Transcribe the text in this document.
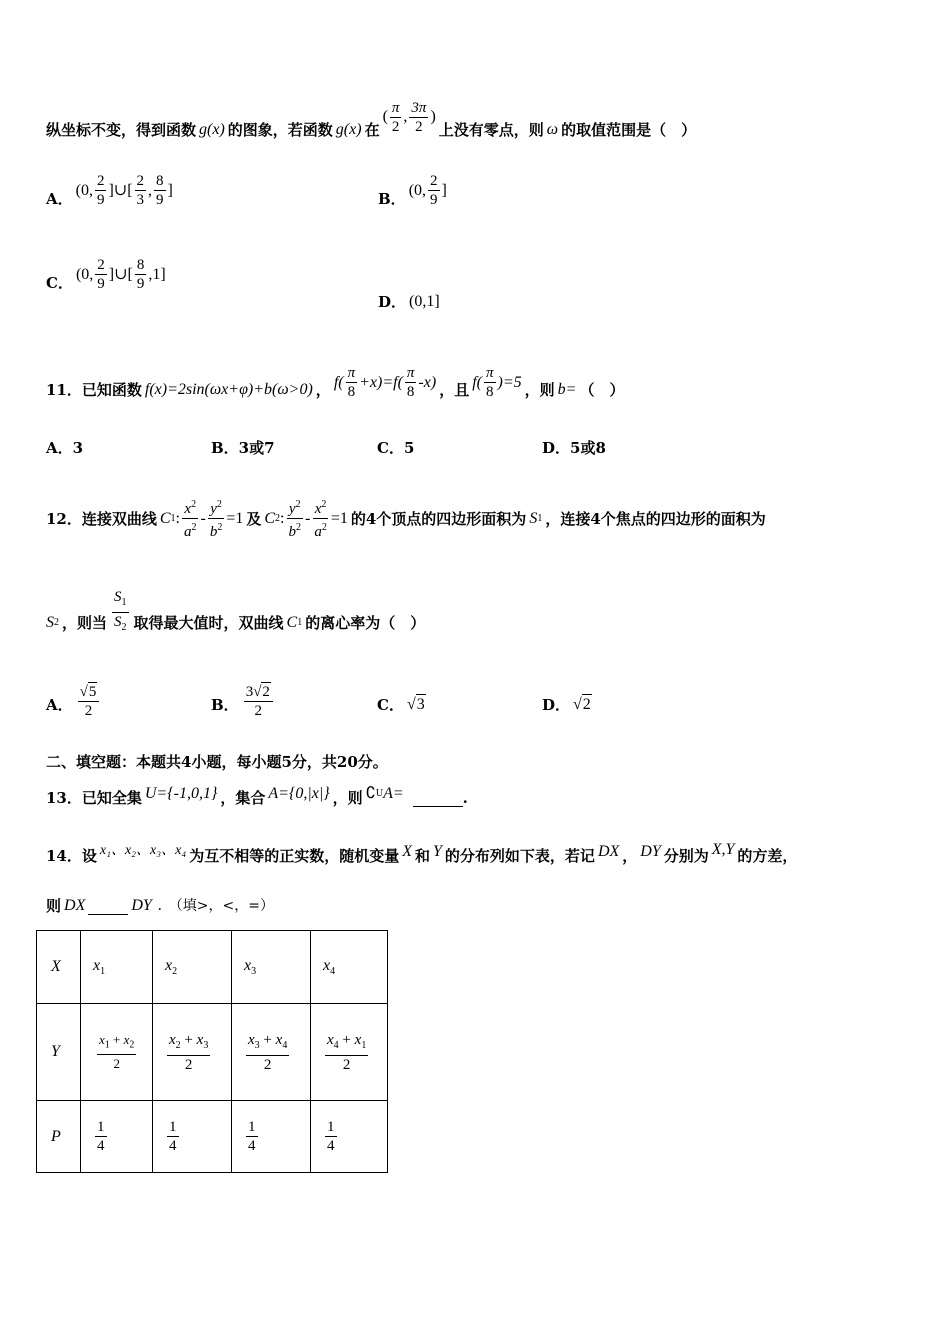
纵坐标不变，得到函数 g(x) 的图象，若函数 g(x) 在
( $\frac{\pi}{2}$ , $\frac{3\pi}{2}$ )
上没有零点，则 ω 的取值范围是（　）
A． (0, $\frac{2}{9}$ ]∪[ $\frac{2}{3}$ , $\frac{8}{9}$ ]	B． (0, $\frac{2}{9}$ ]
C． (0, $\frac{2}{9}$ ]∪[ $\frac{8}{9} ,1$]
D． (0,1]
11．已知函数 f(x)=2sin(ωx+φ)+b(ω>0) ， $f( \frac{\pi}{8} +x)=f( \frac{\pi}{8} -x)$ ，且 $f( \frac{\pi}{8} )=5$ ，则 b= （　）
A．3	B．3或7	C．5	D．5或8
12．连接双曲线 C 1 : $\frac{x^2}{a^2} - \frac{y^2}{b^2} =1$ 及 C 2 : $\frac{y^2}{b^2} - \frac{x^2}{a^2} =1$ 的4个顶点的四边形面积为 S 1 ，连接4个焦点的四边形的面积为
S 2 ，则当 $\frac{S_1}{S_2}$ 取得最大值时，双曲线 C 1 的离心率为（　）
A． $\frac{√ 5}{2}$	B． $\frac{3√ 2}{2}$	C． √ 3	D． √ 2
二、填空题：本题共4小题，每小题5分，共20分。
13．已知全集 U={-1,0,1} ，集合 A={0,|x|} ，则 ∁ U A=	.
14．设 x₁、x₂、x₃、x₄ 为互不相等的正实数，随机变量 X 和 Y 的分布列如下表，若记 DX ， DY 分别为 X,Y 的方差，
则 DX	DY . （填>，<，=）
X	$x_1$	$x_2$	$x_3$	$x_4$
Y	$\frac{x_1 + x_2}{2}$	$\frac{x_2 + x_3}{2}$	$\frac{x_3 + x_4}{2}$	$\frac{x_4 + x_1}{2}$

P	$\frac{1}{4}$	$\frac{1}{4}$	$\frac{1}{4}$	$\frac{1}{4}$
